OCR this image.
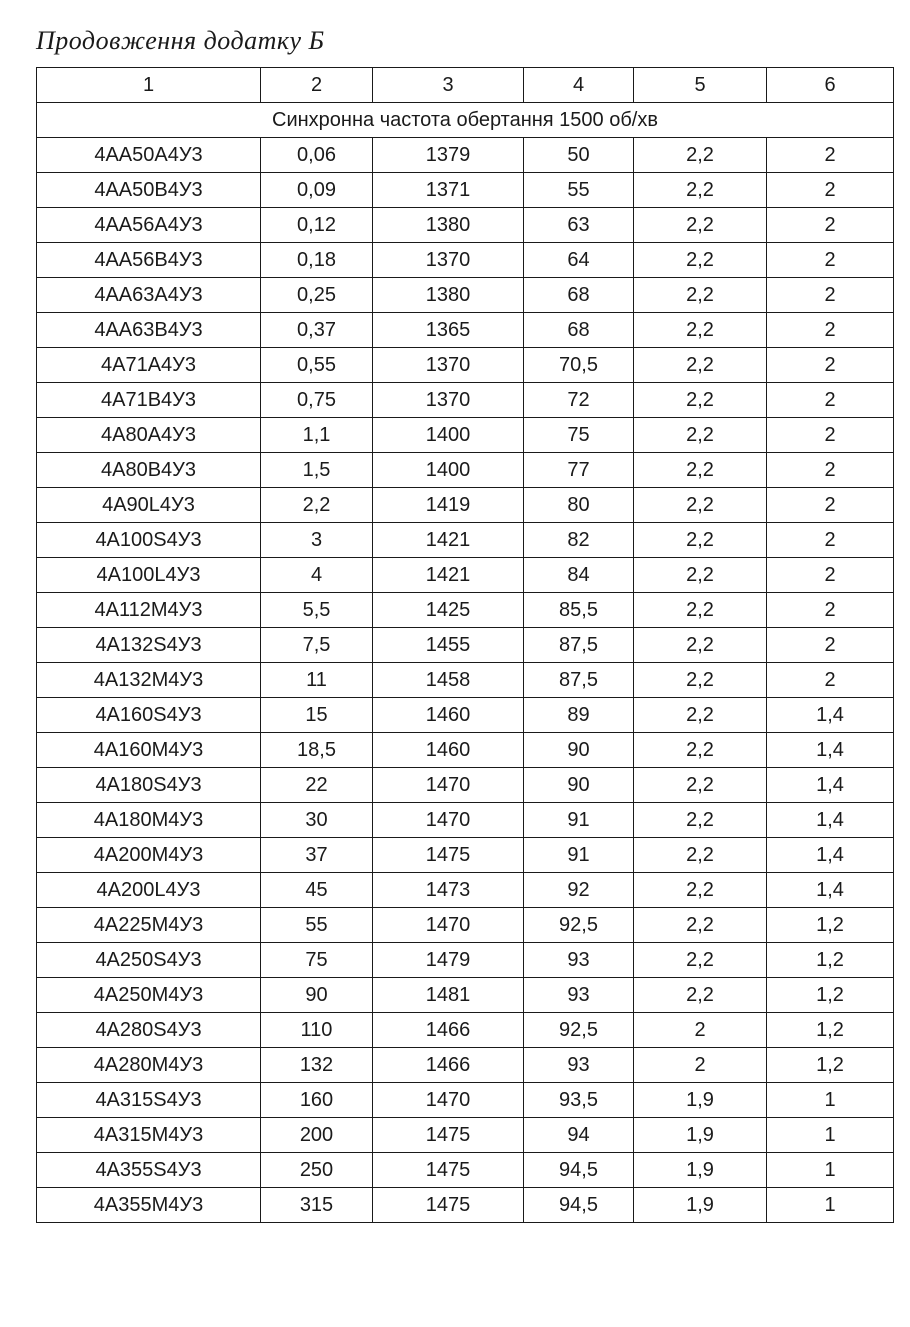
Продовження додатку Б
1	2	3	4	5	6
Синхронна частота обертання 1500 об/хв					
4АА50А4У3	0,06	1379	50	2,2	2
4АА50В4У3	0,09	1371	55	2,2	2
4АА56А4У3	0,12	1380	63	2,2	2
4АА56В4У3	0,18	1370	64	2,2	2
4АА63А4У3	0,25	1380	68	2,2	2
4АА63В4У3	0,37	1365	68	2,2	2
4А71А4У3	0,55	1370	70,5	2,2	2
4А71В4У3	0,75	1370	72	2,2	2
4А80А4У3	1,1	1400	75	2,2	2
4А80В4У3	1,5	1400	77	2,2	2
4А90L4У3	2,2	1419	80	2,2	2
4А100S4У3	3	1421	82	2,2	2
4А100L4У3	4	1421	84	2,2	2
4А112М4У3	5,5	1425	85,5	2,2	2
4А132S4У3	7,5	1455	87,5	2,2	2
4А132М4У3	11	1458	87,5	2,2	2
4А160S4У3	15	1460	89	2,2	1,4
4А160М4У3	18,5	1460	90	2,2	1,4
4А180S4У3	22	1470	90	2,2	1,4
4А180М4У3	30	1470	91	2,2	1,4
4А200М4У3	37	1475	91	2,2	1,4
4А200L4У3	45	1473	92	2,2	1,4
4А225М4У3	55	1470	92,5	2,2	1,2
4А250S4У3	75	1479	93	2,2	1,2
4А250М4У3	90	1481	93	2,2	1,2
4А280S4У3	110	1466	92,5	2	1,2
4А280М4У3	132	1466	93	2	1,2
4А315S4У3	160	1470	93,5	1,9	1
4А315М4У3	200	1475	94	1,9	1
4А355S4У3	250	1475	94,5	1,9	1
4А355М4У3	315	1475	94,5	1,9	1
